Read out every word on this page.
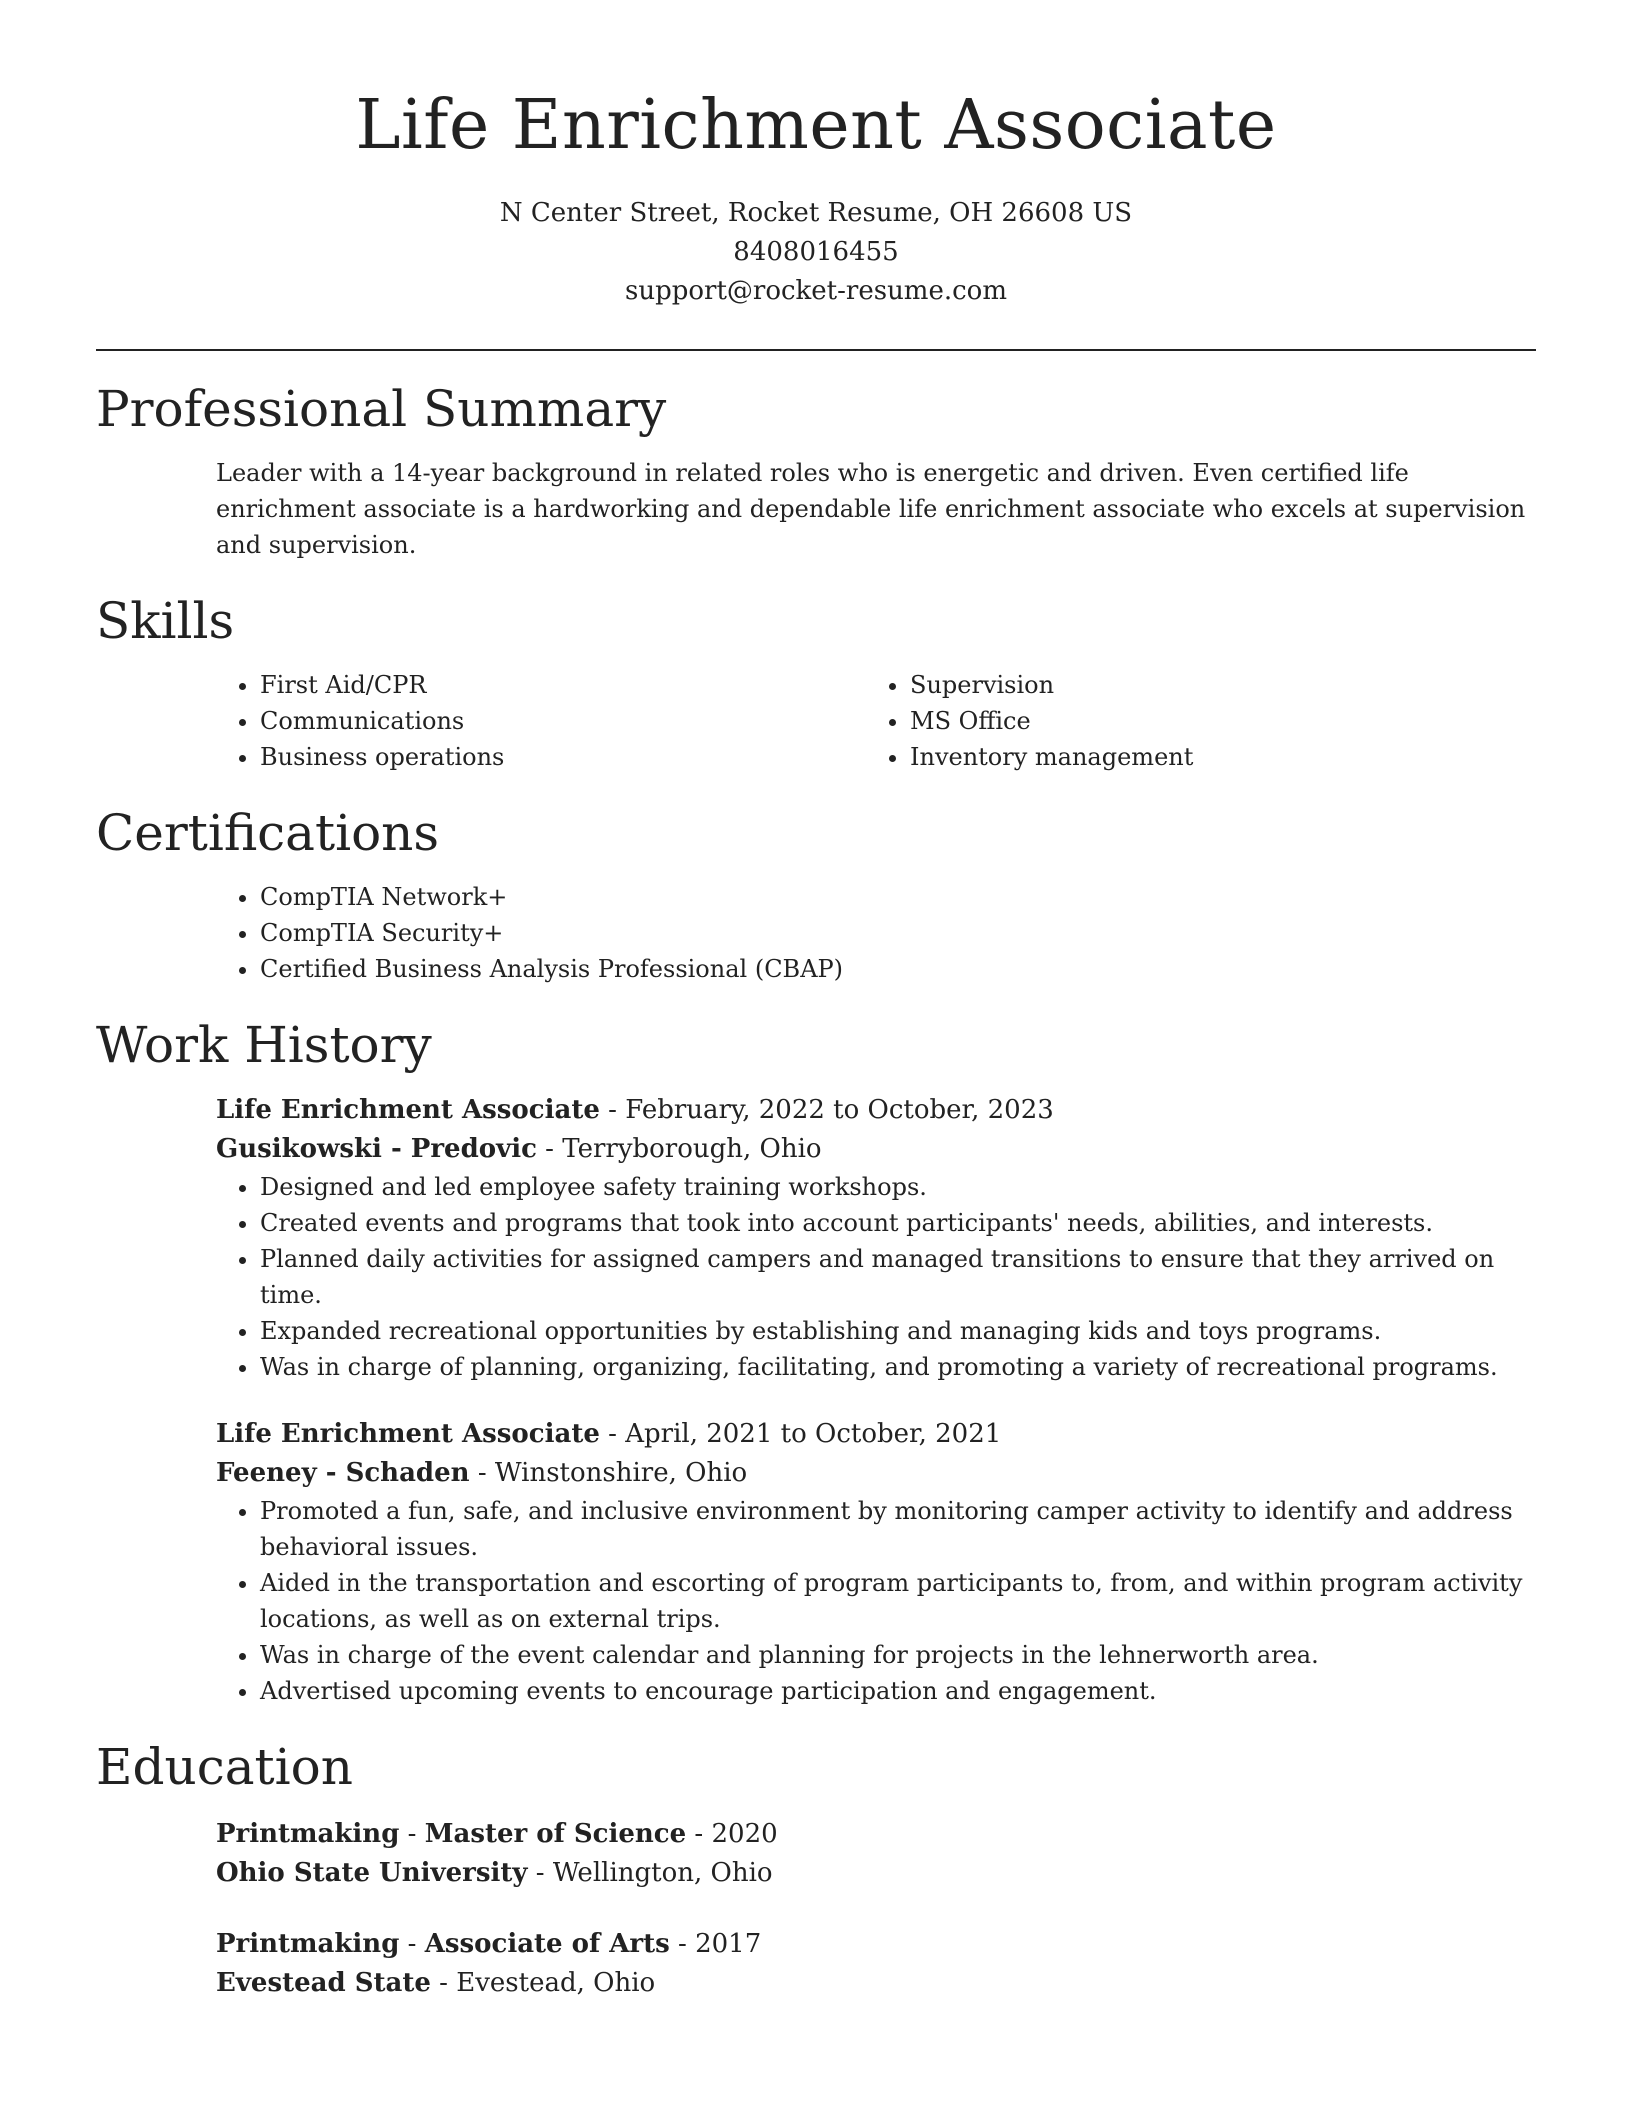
Life Enrichment Associate
N Center Street, Rocket Resume, OH 26608 US
8408016455
support@rocket-resume.com
Professional Summary

Leader with a 14-year background in related roles who is energetic and driven. Even certified life enrichment associate is a hardworking and dependable life enrichment associate who excels at supervision and supervision.

Skills
• First Aid/CPR
• Communications
• Business operations
• Supervision
• MS Office
• Inventory management
Certifications
• CompTIA Network+
• CompTIA Security+
• Certified Business Analysis Professional (CBAP)
Work History
Life Enrichment Associate - February, 2022 to October, 2023
Gusikowski - Predovic - Terryborough, Ohio
• Designed and led employee safety training workshops.
• Created events and programs that took into account participants' needs, abilities, and interests.
• Planned daily activities for assigned campers and managed transitions to ensure that they arrived on time.
• Expanded recreational opportunities by establishing and managing kids and toys programs.
• Was in charge of planning, organizing, facilitating, and promoting a variety of recreational programs.
Life Enrichment Associate - April, 2021 to October, 2021
Feeney - Schaden - Winstonshire, Ohio
• Promoted a fun, safe, and inclusive environment by monitoring camper activity to identify and address behavioral issues.
• Aided in the transportation and escorting of program participants to, from, and within program activity locations, as well as on external trips.
• Was in charge of the event calendar and planning for projects in the lehnerworth area.
• Advertised upcoming events to encourage participation and engagement.
Education
Printmaking - Master of Science - 2020
Ohio State University - Wellington, Ohio
Printmaking - Associate of Arts - 2017
Evestead State - Evestead, Ohio
